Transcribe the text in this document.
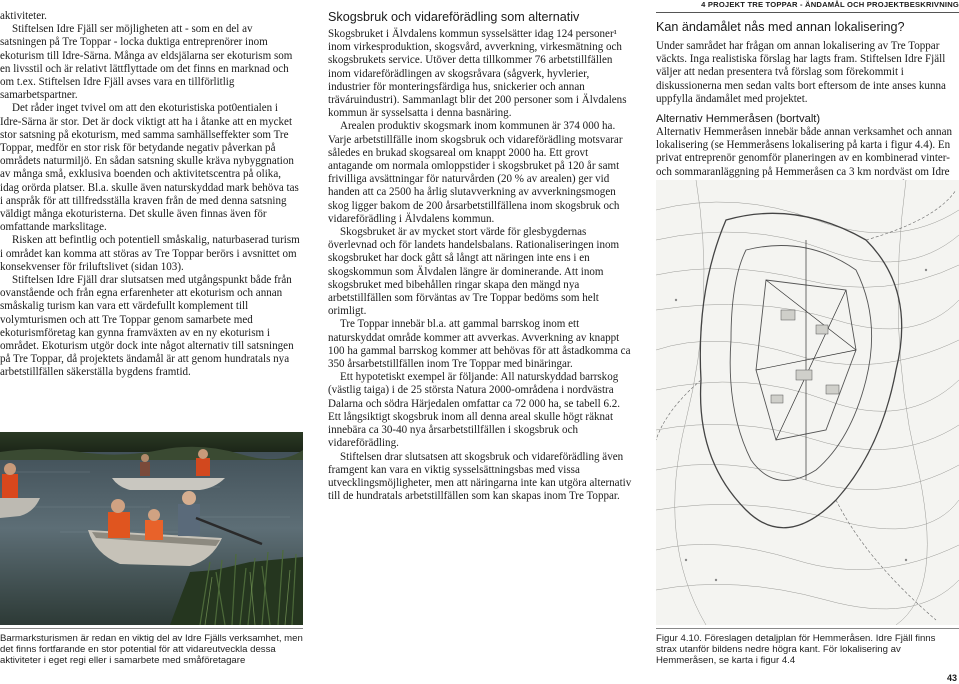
4 PROJEKT TRE TOPPAR - ÄNDAMÅL OCH PROJEKTBESKRIVNING

aktiviteter.

Stiftelsen Idre Fjäll ser möjligheten att - som en del av satsningen på Tre Toppar - locka duktiga entreprenörer inom ekoturism till Idre-Särna. Många av eldsjälarna ser ekoturism som en livsstil och är relativt lättflyttade om det finns en marknad och om t.ex. Stiftelsen Idre Fjäll avses vara en tillförlitlig samarbetspartner.

Det råder inget tvivel om att den ekoturistiska pot0entialen i Idre-Särna är stor. Det är dock viktigt att ha i åtanke att en mycket stor satsning på ekoturism, med samma samhällseffekter som Tre Toppar, medför en stor risk för betydande negativ påverkan på områdets naturmiljö. En sådan satsning skulle kräva nybyggnation av många små, exklusiva boenden och aktivitetscentra på olika, idag orörda platser. Bl.a. skulle även naturskyddad mark behöva tas i anspråk för att tillfredsställa kraven från de med denna satsning väldigt många ekoturisterna. Det skulle även finnas även för omfattande markslitage.

Risken att befintlig och potentiell småskalig, naturbaserad turism i området kan komma att störas av Tre Toppar berörs i avsnittet om konsekvenser för friluftslivet (sidan 103).

Stiftelsen Idre Fjäll drar slutsatsen med utgångspunkt både från ovanstående och från egna erfarenheter att ekoturism och annan småskalig turism kan vara ett värdefullt komplement till volymturismen och att Tre Toppar genom samarbete med ekoturismföretag kan gynna framväxten av en ny ekoturism i området. Ekoturism utgör dock inte något alternativ till satsningen på Tre Toppar, då projektets ändamål är att genom hundratals nya arbetstillfällen säkerställa bygdens framtid.

Barmarksturismen är redan en viktig del av Idre Fjälls verksamhet, men det finns fortfarande en stor potential för att vidareutveckla dessa aktiviteter i eget regi eller i samarbete med småföretagare
Skogsbruk och vidareförädling som alternativ

Skogsbruket i Älvdalens kommun sysselsätter idag 124 personer¹ inom virkesproduktion, skogsvård, avverkning, virkesmätning och skogsbrukets service. Utöver detta tillkommer 76 arbetstillfällen inom vidareförädlingen av skogsråvara (sågverk, hyvlerier, industrier för monteringsfärdiga hus, snickerier och annan träváruindustri). Sammanlagt blir det 200 personer som i Älvdalens kommun är sysselsatta i denna basnäring.

Arealen produktiv skogsmark inom kommunen är 374 000 ha. Varje arbetstillfälle inom skogsbruk och vidareförädling motsvarar således en brukad skogsareal om knappt 2000 ha. Ett grovt antagande om normala omloppstider i skogsbruket på 120 år samt frivilliga avsättningar för naturvården (20 % av arealen) ger vid handen att ca 2500 ha årlig slutavverkning av avverkningsmogen skog ligger bakom de 200 årsarbetstillfällena inom skogsbruk och vidareförädling i Älvdalens kommun.

Skogsbruket är av mycket stort värde för glesbygdernas överlevnad och för landets handelsbalans. Rationaliseringen inom skogsbruket har dock gått så långt att näringen inte ens i en skogskommun som Älvdalen längre är dominerande. Att inom skogsbruket med bibehållen ringar skapa den mängd nya arbetstillfällen som förväntas av Tre Toppar bedöms som helt orimligt.

Tre Toppar innebär bl.a. att gammal barrskog inom ett naturskyddat område kommer att avverkas. Avverkning av knappt 100 ha gammal barrskog kommer att behövas för att åstadkomma ca 350 årsarbetstillfällen inom Tre Toppar med binäringar.

Ett hypotetiskt exempel är följande: All naturskyddad barrskog (västlig taiga) i de 25 största Natura 2000-områdena i nordvästra Dalarna och södra Härjedalen omfattar ca 72 000 ha, se tabell 6.2. Ett långsiktigt skogsbruk inom all denna areal skulle högt räknat innebära ca 30-40 nya årsarbetstillfällen i skogsbruk och vidareförädling.

Stiftelsen drar slutsatsen att skogsbruk och vidareförädling även framgent kan vara en viktig sysselsättningsbas med vissa utvecklingsmöjligheter, men att näringarna inte kan utgöra alternativ till de hundratals arbetstillfällen som kan skapas inom Tre Toppar.

Kan ändamålet nås med annan lokalisering?

Under samrådet har frågan om annan lokalisering av Tre Toppar väckts. Inga realistiska förslag har lagts fram. Stiftelsen Idre Fjäll väljer att nedan presentera två förslag som förekommit i diskussionerna men sedan valts bort eftersom de inte anses kunna uppfylla ändamålet med projektet.

Alternativ Hemmeråsen (bortvalt)

Alternativ Hemmeråsen innebär både annan verksamhet och annan lokalisering (se Hemmeråsens lokalisering på karta i figur 4.4). En privat entreprenör genomför planeringen av en kombinerad vinter- och sommaranläggning på Hemmeråsen ca 3 km nordväst om Idre

Figur 4.10. Föreslagen detaljplan för Hemmeråsen. Idre Fjäll finns strax utanför bildens nedre högra kant. För lokalisering av Hemmeråsen, se karta i figur 4.4
43
